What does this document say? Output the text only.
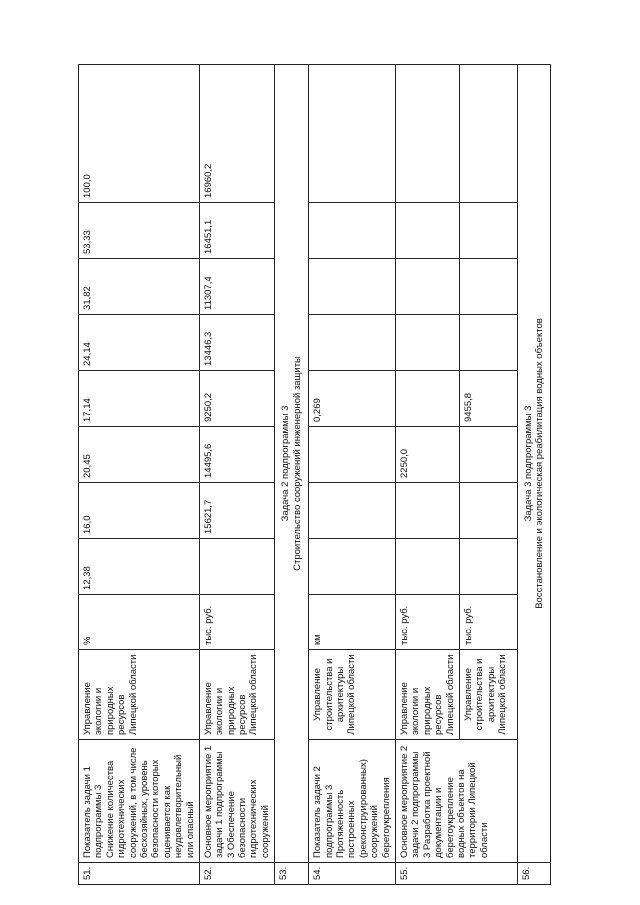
51.	Показатель задачи 1 подпрограммы 3 Снижение количества гидротехнических сооружений, в том числе бесхозяйных, уровень безопасности которых оценивается как неудовлетворительный или опасный	Управление экологии и природных ресурсов Липецкой области	%	12,38	16,0	20,45	17,14	24,14	31,82	53,33	100,0
52.	Основное мероприятие 1 задачи 1 подпрограммы 3 Обеспечение безопасности гидротехнических сооружений	Управление экологии и природных ресурсов Липецкой области	тыс. руб.		15621,7	14495,6	9250,2	13446,3	11307,4	16451,1	16960,2
53.	Задача 2 подпрограммы 3
Строительство сооружений инженерной защиты										
54.	Показатель задачи 2 подпрограммы 3 Протяженность построенных (реконструированных) сооружений берегоукрепления	Управление строительства и архитектуры Липецкой области	км				0,269				
55.	Основное мероприятие 2 задачи 2 подпрограммы 3 Разработка проектной документации и берегоукрепление водных объектов на территории Липецкой области	Управление экологии и природных ресурсов Липецкой области	тыс. руб.			2250,0					
		Управление строительства и архитектуры Липецкой области	тыс. руб.				9455,8				
56.	Задача 3 подпрограммы 3
Восстановление и экологическая реабилитация водных объектов										
